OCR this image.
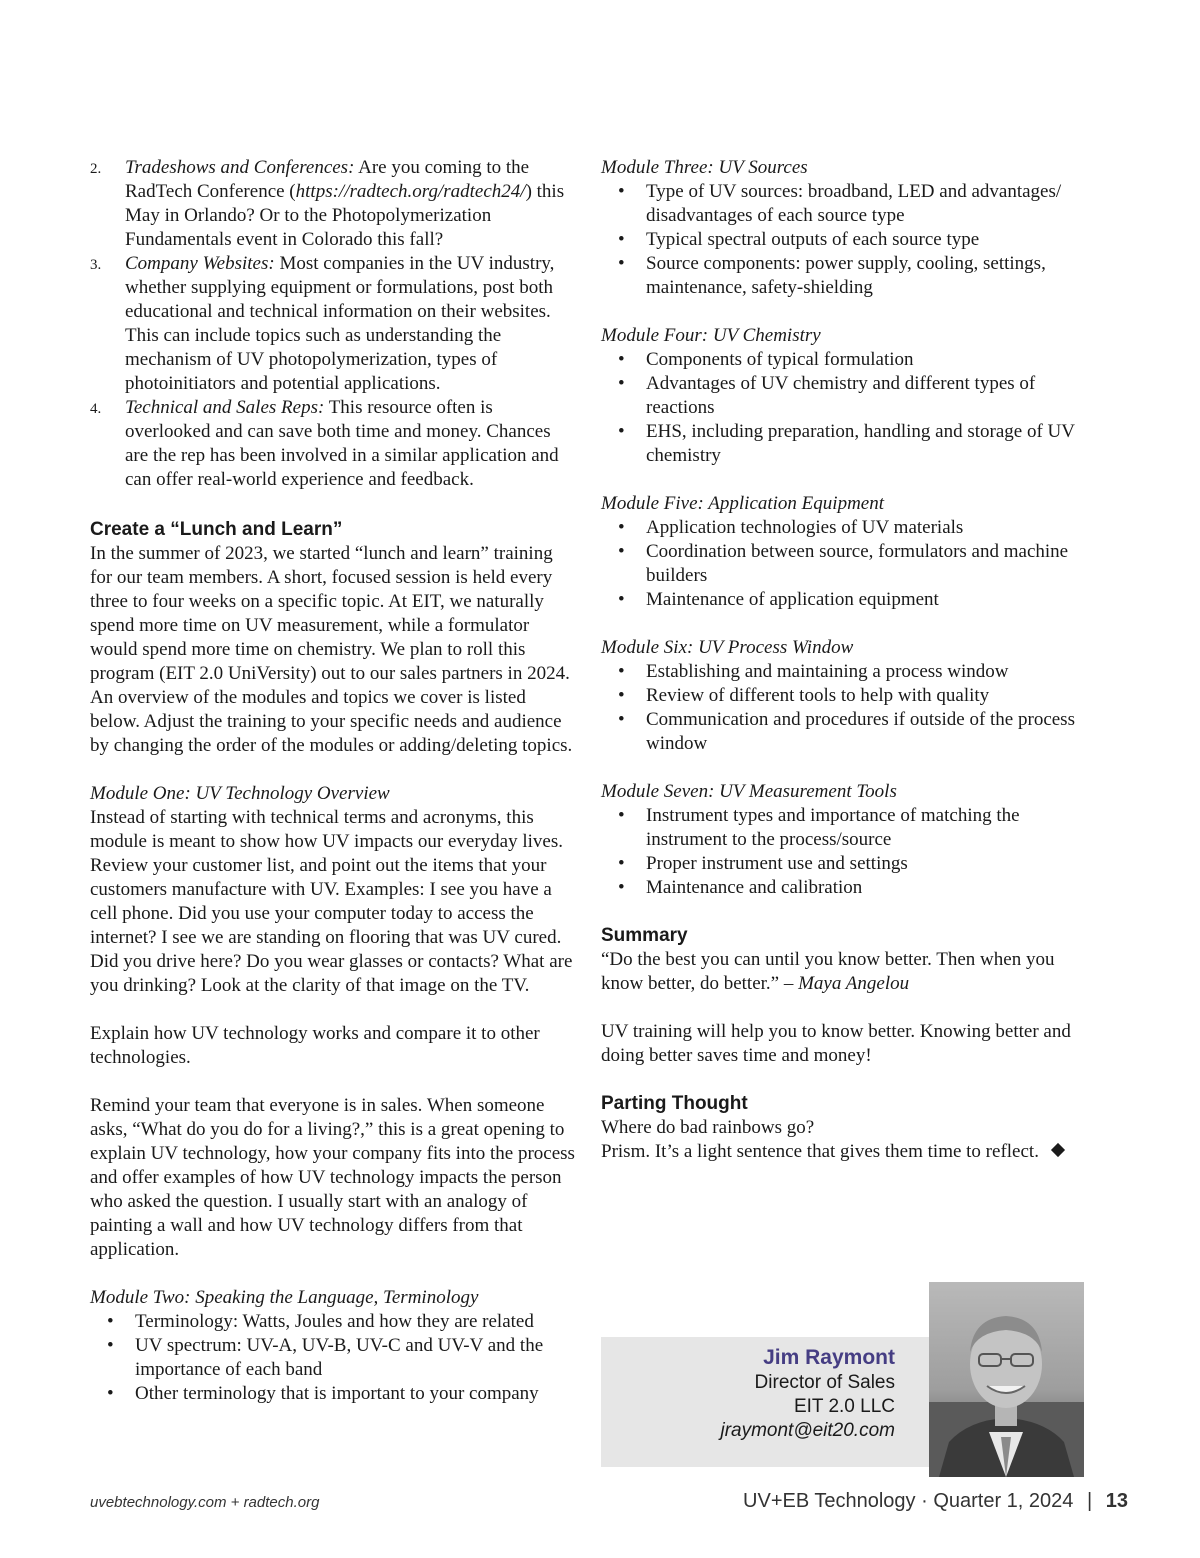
2. Tradeshows and Conferences: Are you coming to the RadTech Conference (https://radtech.org/radtech24/) this May in Orlando? Or to the Photopolymerization Fundamentals event in Colorado this fall?
3. Company Websites: Most companies in the UV industry, whether supplying equipment or formulations, post both educational and technical information on their websites. This can include topics such as understanding the mechanism of UV photopolymerization, types of photoinitiators and potential applications.
4. Technical and Sales Reps: This resource often is overlooked and can save both time and money. Chances are the rep has been involved in a similar application and can offer real-world experience and feedback.

Create a “Lunch and Learn”

In the summer of 2023, we started “lunch and learn” training for our team members. A short, focused session is held every three to four weeks on a specific topic. At EIT, we naturally spend more time on UV measurement, while a formulator would spend more time on chemistry. We plan to roll this program (EIT 2.0 UniVersity) out to our sales partners in 2024. An overview of the modules and topics we cover is listed below. Adjust the training to your specific needs and audience by changing the order of the modules or adding/deleting topics.

Module One: UV Technology Overview

Instead of starting with technical terms and acronyms, this module is meant to show how UV impacts our everyday lives. Review your customer list, and point out the items that your customers manufacture with UV. Examples: I see you have a cell phone. Did you use your computer today to access the internet? I see we are standing on flooring that was UV cured. Did you drive here? Do you wear glasses or contacts? What are you drinking? Look at the clarity of that image on the TV.

Explain how UV technology works and compare it to other technologies.

Remind your team that everyone is in sales. When someone asks, “What do you do for a living?,” this is a great opening to explain UV technology, how your company fits into the process and offer examples of how UV technology impacts the person who asked the question. I usually start with an analogy of painting a wall and how UV technology differs from that application.

Module Two: Speaking the Language, Terminology

• Terminology: Watts, Joules and how they are related
• UV spectrum: UV-A, UV-B, UV-C and UV-V and the importance of each band
• Other terminology that is important to your company

Module Three: UV Sources

• Type of UV sources: broadband, LED and advantages/ disadvantages of each source type
• Typical spectral outputs of each source type
• Source components: power supply, cooling, settings, maintenance, safety-shielding

Module Four: UV Chemistry

• Components of typical formulation
• Advantages of UV chemistry and different types of reactions
• EHS, including preparation, handling and storage of UV chemistry

Module Five: Application Equipment

• Application technologies of UV materials
• Coordination between source, formulators and machine builders
• Maintenance of application equipment

Module Six: UV Process Window

• Establishing and maintaining a process window
• Review of different tools to help with quality
• Communication and procedures if outside of the process window

Module Seven: UV Measurement Tools

• Instrument types and importance of matching the instrument to the process/source
• Proper instrument use and settings
• Maintenance and calibration

Summary

“Do the best you can until you know better. Then when you know better, do better.” – Maya Angelou

UV training will help you to know better. Knowing better and doing better saves time and money!

Parting Thought

Where do bad rainbows go?

Prism. It’s a light sentence that gives them time to reflect.

Jim Raymont
Director of Sales
EIT 2.0 LLC
jraymont@eit20.com
uvebtechnology.com + radtech.org	UV+EB Technology · Quarter 1, 2024 | 13
